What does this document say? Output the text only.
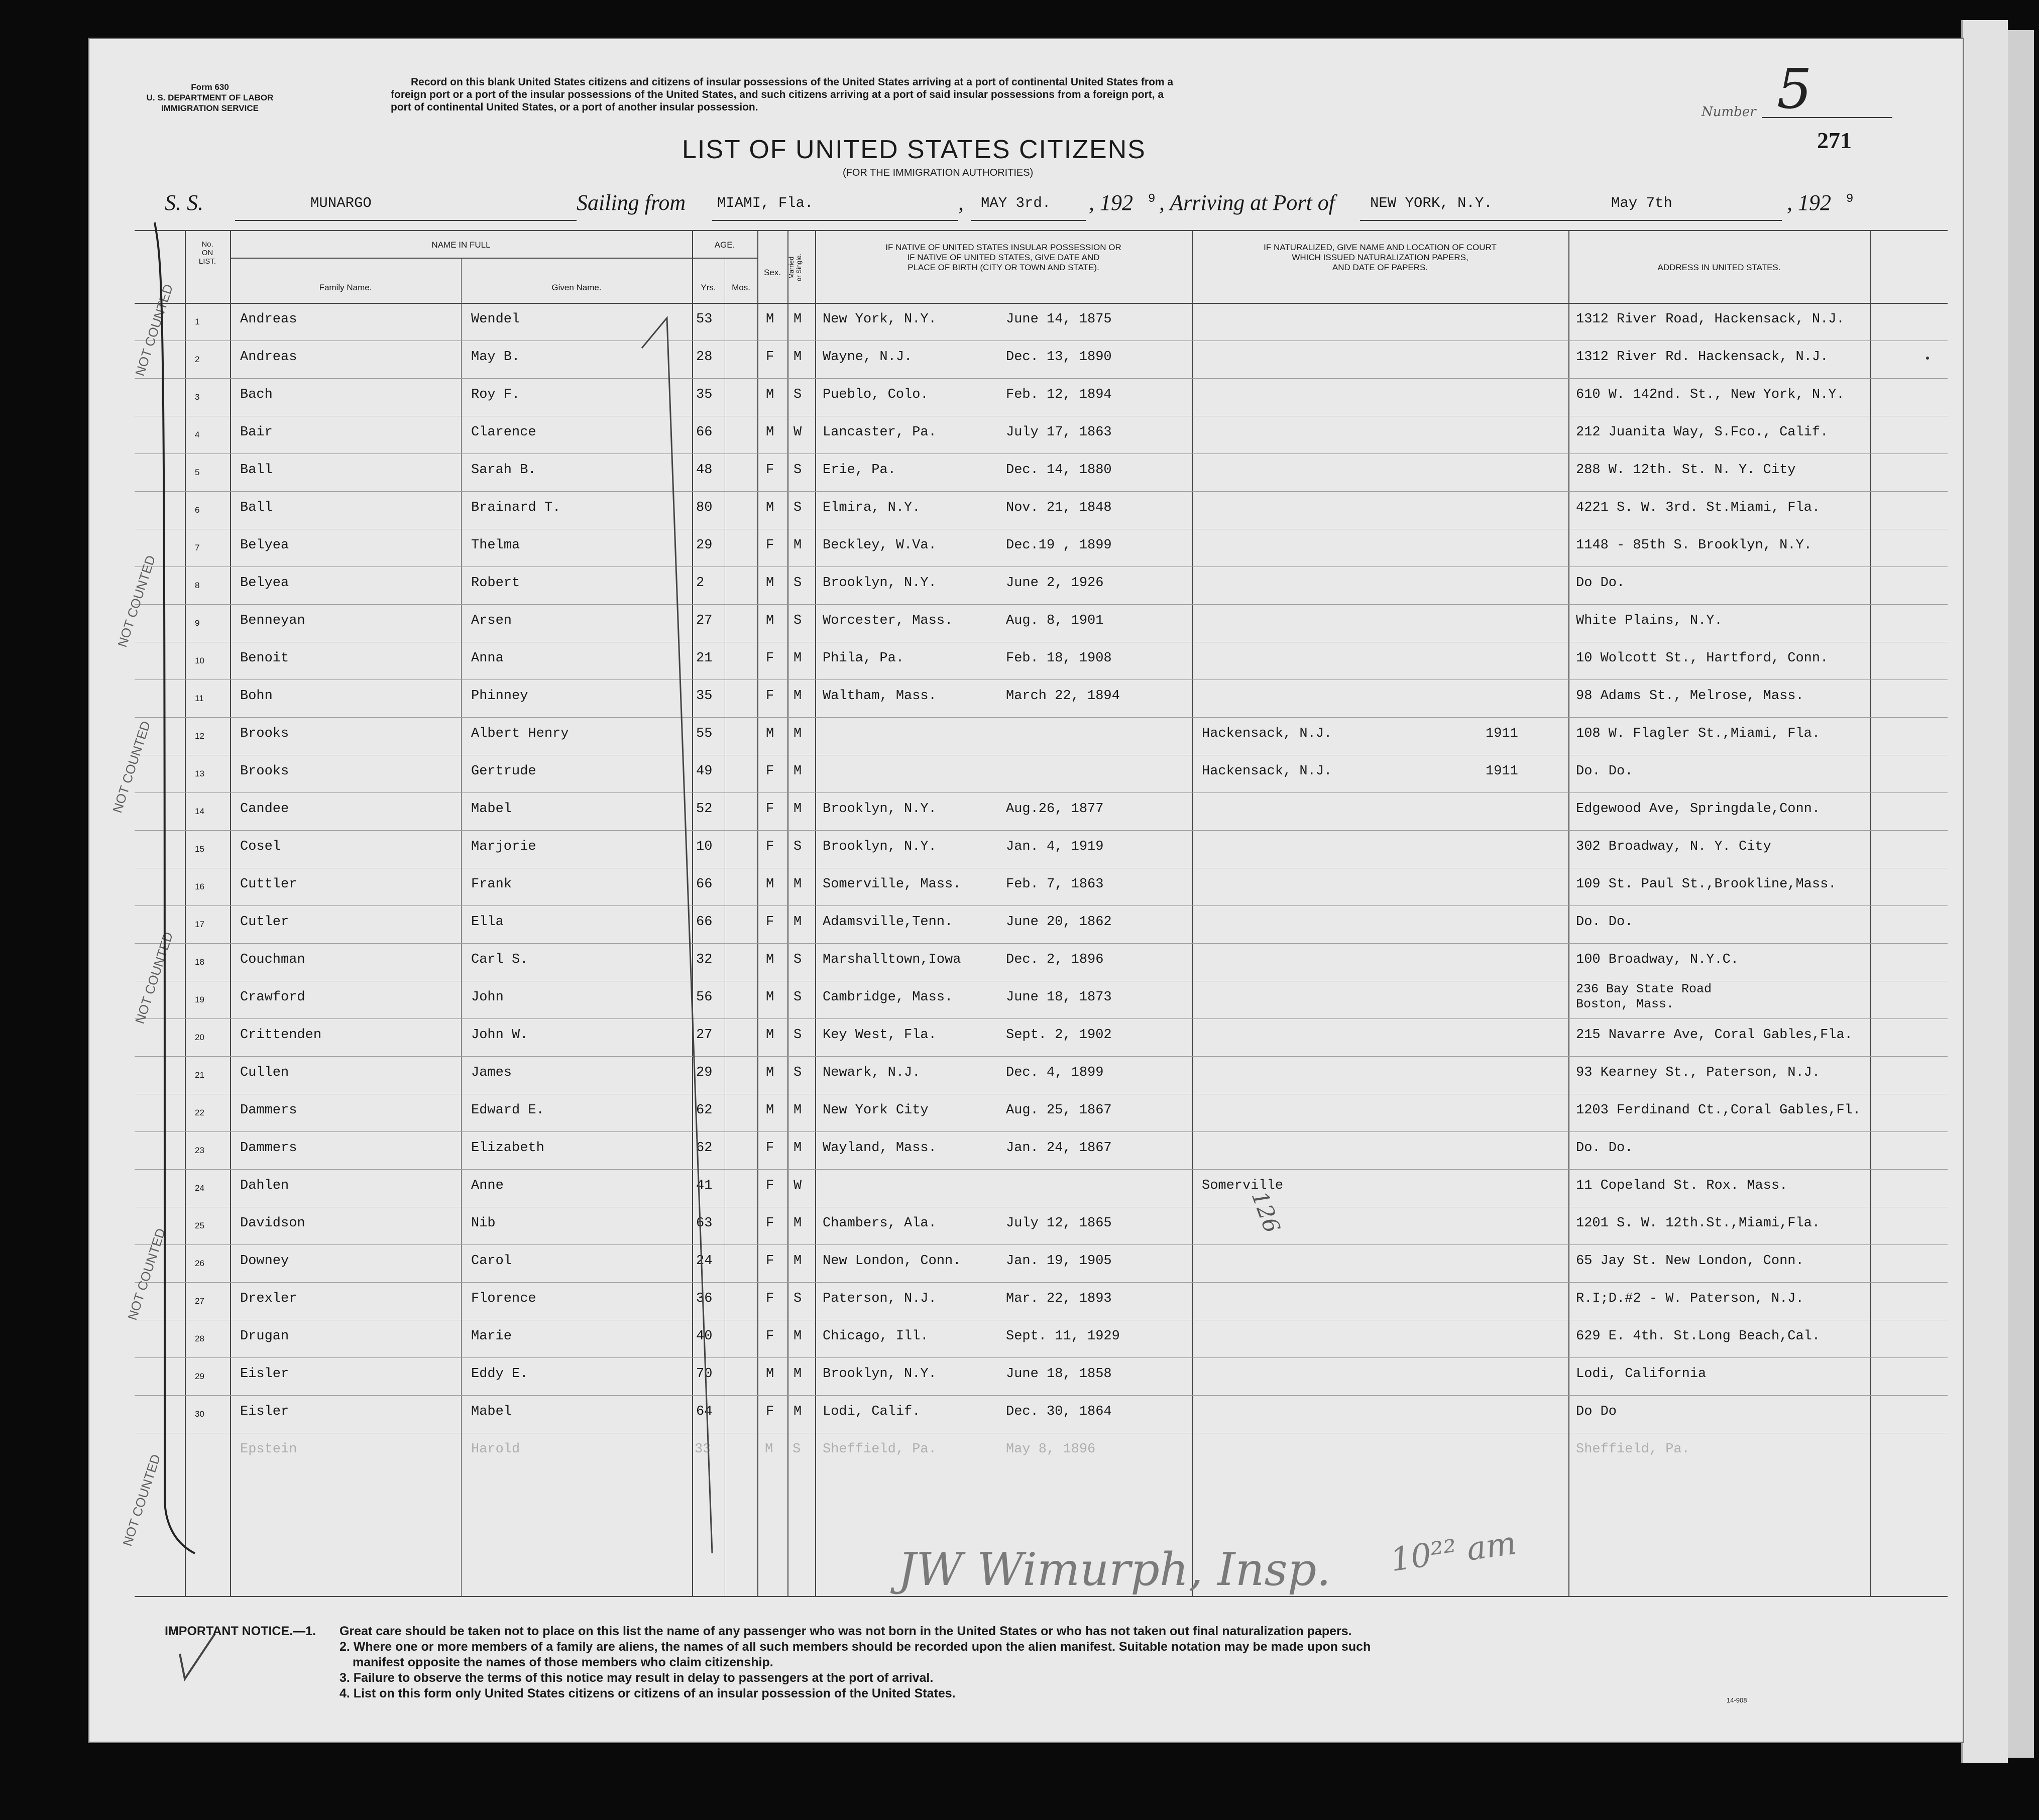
Form 630
U. S. DEPARTMENT OF LABOR
IMMIGRATION SERVICE
Record on this blank United States citizens and citizens of insular possessions of the United States arriving at a port of continental United States from a
foreign port or a port of the insular possessions of the United States, and such citizens arriving at a port of said insular possessions from a foreign port, a
port of continental United States, or a port of another insular possession.	Number 5
271
LIST OF UNITED STATES CITIZENS
(FOR THE IMMIGRATION AUTHORITIES)
S. S.	MUNARGO	Sailing from MIAMI, Fla.	, MAY 3rd. , 192 9 , Arriving at Port of NEW YORK, N.Y.	May 7th	, 192 9
No.
ON
LIST.
NAME IN FULL
Family Name.	Given Name.
AGE.
Yrs.	Mos.
Sex. Married
or Single.
IF NATIVE OF UNITED STATES INSULAR POSSESSION OR
IF NATIVE OF UNITED STATES, GIVE DATE AND
PLACE OF BIRTH (CITY OR TOWN AND STATE).
IF NATURALIZED, GIVE NAME AND LOCATION OF COURT
WHICH ISSUED NATURALIZATION PAPERS,
AND DATE OF PAPERS.	ADDRESS IN UNITED STATES.
1	Andreas	Wendel	53	M M New York, N.Y.	June 14, 1875	1312 River Road, Hackensack, N.J.
2	Andreas	May B.	28	F M Wayne, N.J.	Dec. 13, 1890	1312 River Rd. Hackensack, N.J.
3	Bach	Roy F.	35	M S Pueblo, Colo.	Feb. 12, 1894	610 W. 142nd. St., New York, N.Y.
4	Bair	Clarence	66	M W Lancaster, Pa.	July 17, 1863	212 Juanita Way, S.Fco., Calif.
5	Ball	Sarah B.	48	F S Erie, Pa.	Dec. 14, 1880	288 W. 12th. St. N. Y. City
6	Ball	Brainard T.	80	M S Elmira, N.Y.	Nov. 21, 1848	4221 S. W. 3rd. St.Miami, Fla.
7	Belyea	Thelma	29	F M Beckley, W.Va.	Dec.19 , 1899	1148 - 85th S. Brooklyn, N.Y.
8	Belyea	Robert	2	M S Brooklyn, N.Y.	June 2, 1926	Do Do.
9	Benneyan	Arsen	27	M S Worcester, Mass.	Aug. 8, 1901	White Plains, N.Y.
10	Benoit	Anna	21	F M Phila, Pa.	Feb. 18, 1908	10 Wolcott St., Hartford, Conn.
11	Bohn	Phinney	35	F M Waltham, Mass.	March 22, 1894	98 Adams St., Melrose, Mass.
12	Brooks	Albert Henry	55	M M	Hackensack, N.J.	1911	108 W. Flagler St.,Miami, Fla.
13	Brooks	Gertrude	49	F M	Hackensack, N.J.	1911	Do. Do.
14	Candee	Mabel	52	F M Brooklyn, N.Y.	Aug.26, 1877	Edgewood Ave, Springdale,Conn.
15	Cosel	Marjorie	10	F S Brooklyn, N.Y.	Jan. 4, 1919	302 Broadway, N. Y. City
16	Cuttler	Frank	66	M M Somerville, Mass.	Feb. 7, 1863	109 St. Paul St.,Brookline,Mass.
17	Cutler	Ella	66	F M Adamsville,Tenn.	June 20, 1862	Do. Do.
18	Couchman	Carl S.	32	M S Marshalltown,Iowa	Dec. 2, 1896	100 Broadway, N.Y.C.
19	Crawford	John	56	M S Cambridge, Mass.	June 18, 1873
236 Bay State Road
Boston, Mass.
20	Crittenden	John W.	27	M S Key West, Fla.	Sept. 2, 1902	215 Navarre Ave, Coral Gables,Fla.
21	Cullen	James	29	M S Newark, N.J.	Dec. 4, 1899	93 Kearney St., Paterson, N.J.
22	Dammers	Edward E.	62	M M New York City	Aug. 25, 1867	1203 Ferdinand Ct.,Coral Gables,Fl.
23	Dammers	Elizabeth	62	F M Wayland, Mass.	Jan. 24, 1867	Do. Do.
24	Dahlen	Anne	41	F W	Somerville	11 Copeland St. Rox. Mass.
25	Davidson	Nib	63	F M Chambers, Ala.	July 12, 1865	1201 S. W. 12th.St.,Miami,Fla.
26	Downey	Carol	24	F M New London, Conn.	Jan. 19, 1905	65 Jay St. New London, Conn.
27	Drexler	Florence	36	F S Paterson, N.J.	Mar. 22, 1893	R.I;D.#2 - W. Paterson, N.J.
28	Drugan	Marie	40	F M Chicago, Ill.	Sept. 11, 1929	629 E. 4th. St.Long Beach,Cal.
29	Eisler	Eddy E.	70	M M Brooklyn, N.Y.	June 18, 1858	Lodi, California
30	Eisler	Mabel	64	F M Lodi, Calif.	Dec. 30, 1864	Do Do
Epstein	Harold	33	M S Sheffield, Pa.	May 8, 1896	Sheffield, Pa.
NOT COUNTED
NOT COUNTED
NOT COUNTED
NOT COUNTED
NOT COUNTED
NOT COUNTED
126
JW Wimurph, Insp. 10²² am
IMPORTANT NOTICE.—1. Great care should be taken not to place on this list the name of any passenger who was not born in the United States or who has not taken out final naturalization papers.
2. Where one or more members of a family are aliens, the names of all such members should be recorded upon the alien manifest. Suitable notation may be made upon such
manifest opposite the names of those members who claim citizenship.
3. Failure to observe the terms of this notice may result in delay to passengers at the port of arrival.
4. List on this form only United States citizens or citizens of an insular possession of the United States.	14-908
